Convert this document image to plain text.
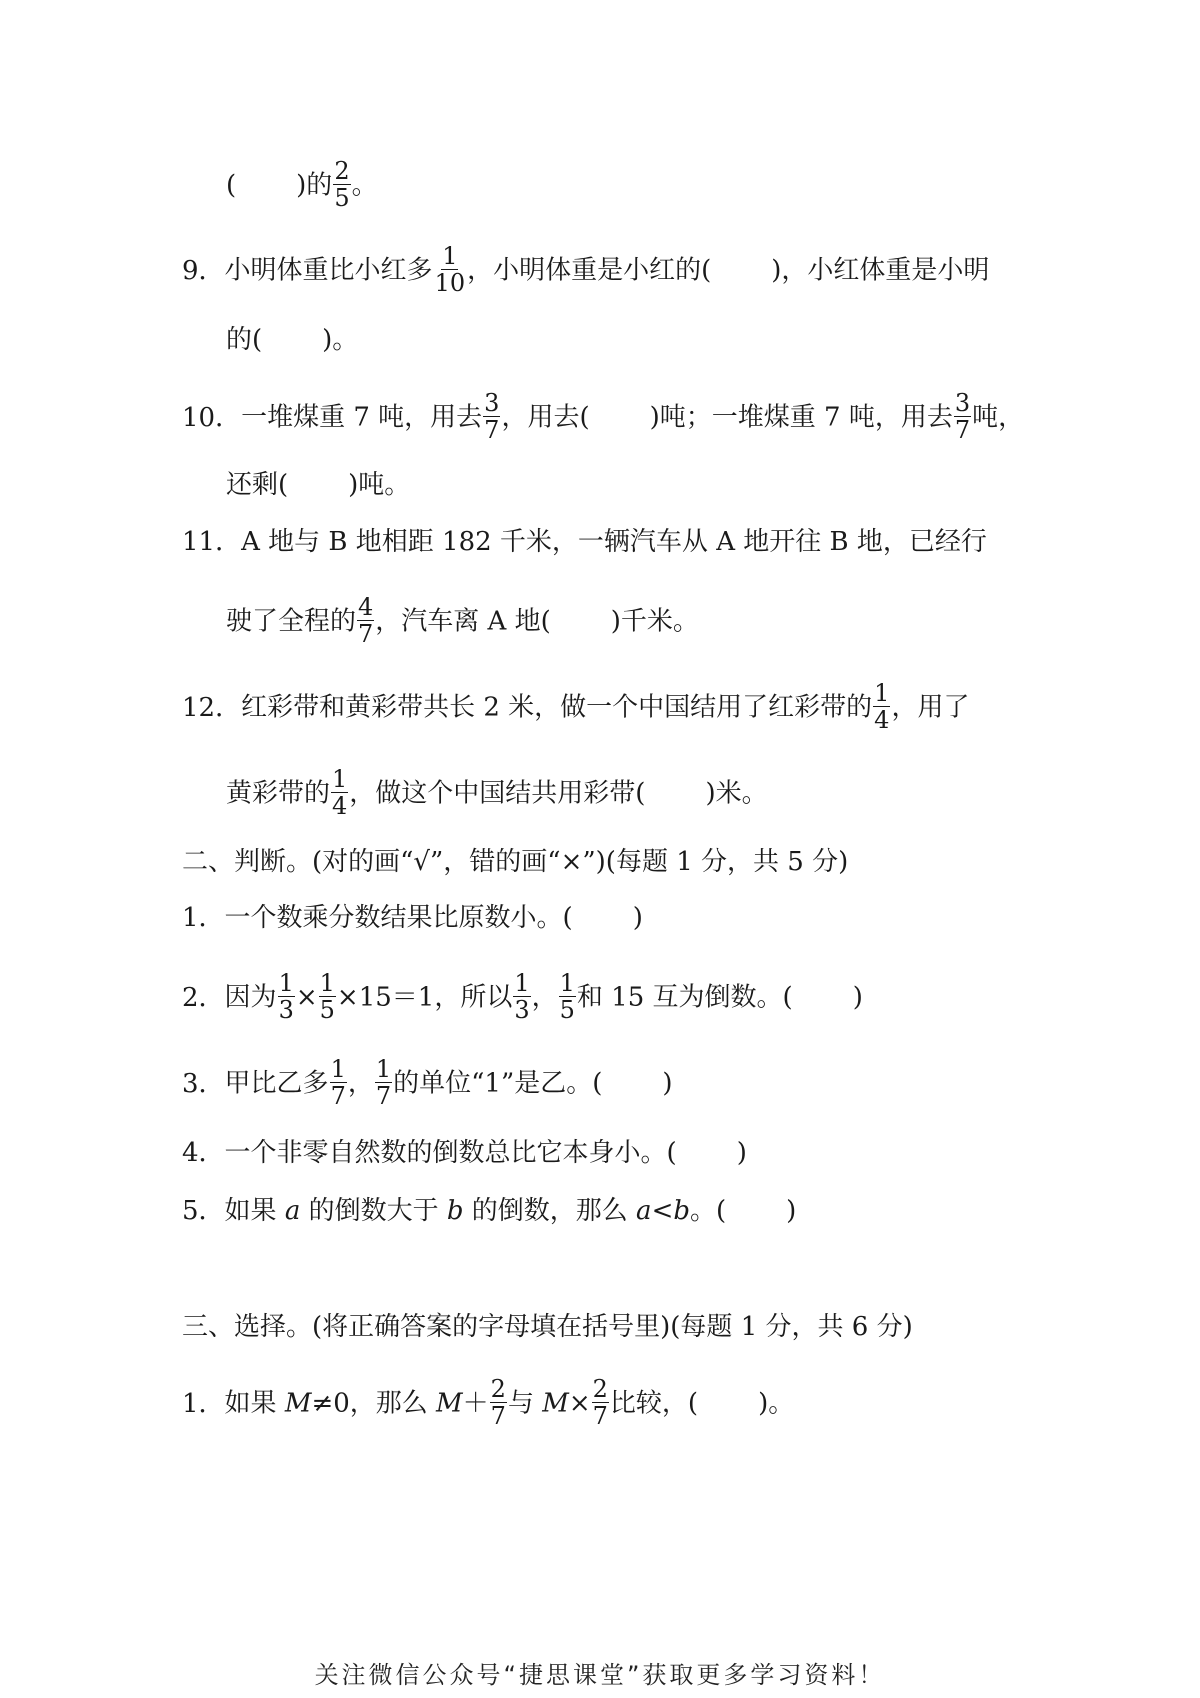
( )的 $\frac{2}{5}$ 。
9．小明体重比小红多 $\frac{1}{10}$ ，小明体重是小红的( )，小红体重是小明
的( )。
10．一堆煤重 7 吨，用去 $\frac{3}{7}$ ，用去( )吨；一堆煤重 7 吨，用去 $\frac{3}{7}$ 吨，
还剩( )吨。
11．A 地与 B 地相距 182 千米，一辆汽车从 A 地开往 B 地，已经行
驶了全程的 $\frac{4}{7}$ ，汽车离 A 地( )千米。
12．红彩带和黄彩带共长 2 米，做一个中国结用了红彩带的 $\frac{1}{4}$ ，用了
黄彩带的 $\frac{1}{4}$ ，做这个中国结共用彩带( )米。
二、判断。(对的画“√”，错的画“×”)(每题 1 分，共 5 分)
1．一个数乘分数结果比原数小。( )
2．因为 $\frac{1}{3} \times \frac{1}{5} \times 15=1$，所以 $\frac{1}{3}$ ， $\frac{1}{5}$ 和 15 互为倒数。( )
3．甲比乙多 $\frac{1}{7}$ ， $\frac{1}{7}$ 的单位“1”是乙。( )
4．一个非零自然数的倒数总比它本身小。( )
5．如果 a 的倒数大于 b 的倒数，那么 a<b。( )
三、选择。(将正确答案的字母填在括号里)(每题 1 分，共 6 分)
1．如果 M≠0，那么 $M+ \frac{2}{7}$ 与 $M\times \frac{2}{7}$ 比较，( )。
关注微信公众号“捷思课堂”获取更多学习资料！
